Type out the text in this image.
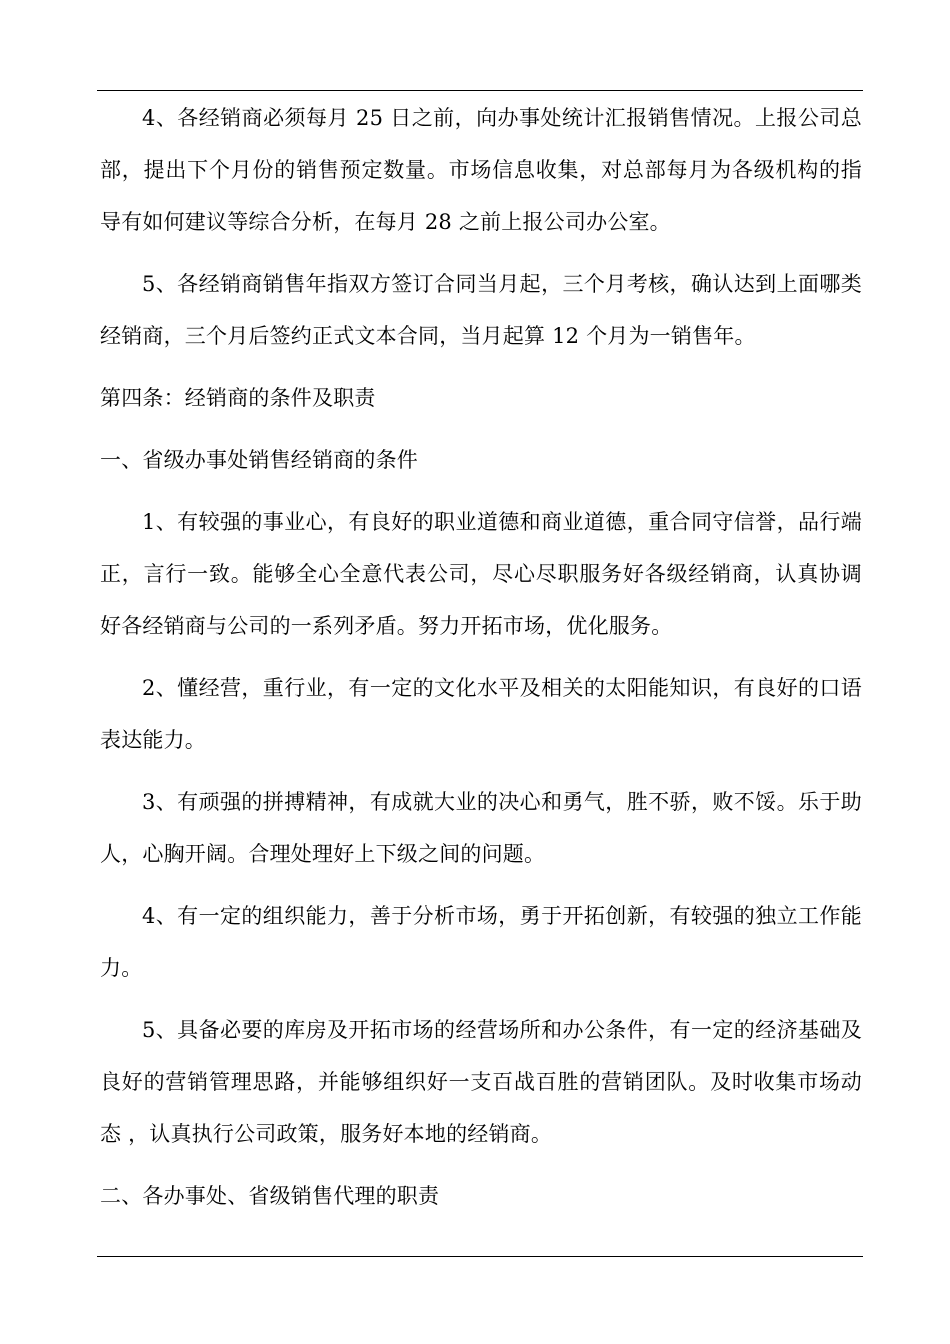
4、各经销商必须每月 25 日之前，向办事处统计汇报销售情况。上报公司总部，提出下个月份的销售预定数量。市场信息收集，对总部每月为各级机构的指导有如何建议等综合分析，在每月 28 之前上报公司办公室。

5、各经销商销售年指双方签订合同当月起，三个月考核，确认达到上面哪类经销商，三个月后签约正式文本合同，当月起算 12 个月为一销售年。

第四条：经销商的条件及职责

一、省级办事处销售经销商的条件

1、有较强的事业心，有良好的职业道德和商业道德，重合同守信誉，品行端正，言行一致。能够全心全意代表公司，尽心尽职服务好各级经销商，认真协调好各经销商与公司的一系列矛盾。努力开拓市场，优化服务。

2、懂经营，重行业，有一定的文化水平及相关的太阳能知识，有良好的口语表达能力。

3、有顽强的拼搏精神，有成就大业的决心和勇气，胜不骄，败不馁。乐于助人，心胸开阔。合理处理好上下级之间的问题。

4、有一定的组织能力，善于分析市场，勇于开拓创新，有较强的独立工作能力。

5、具备必要的库房及开拓市场的经营场所和办公条件，有一定的经济基础及良好的营销管理思路，并能够组织好一支百战百胜的营销团队。及时收集市场动态 ，认真执行公司政策，服务好本地的经销商。

二、各办事处、省级销售代理的职责
